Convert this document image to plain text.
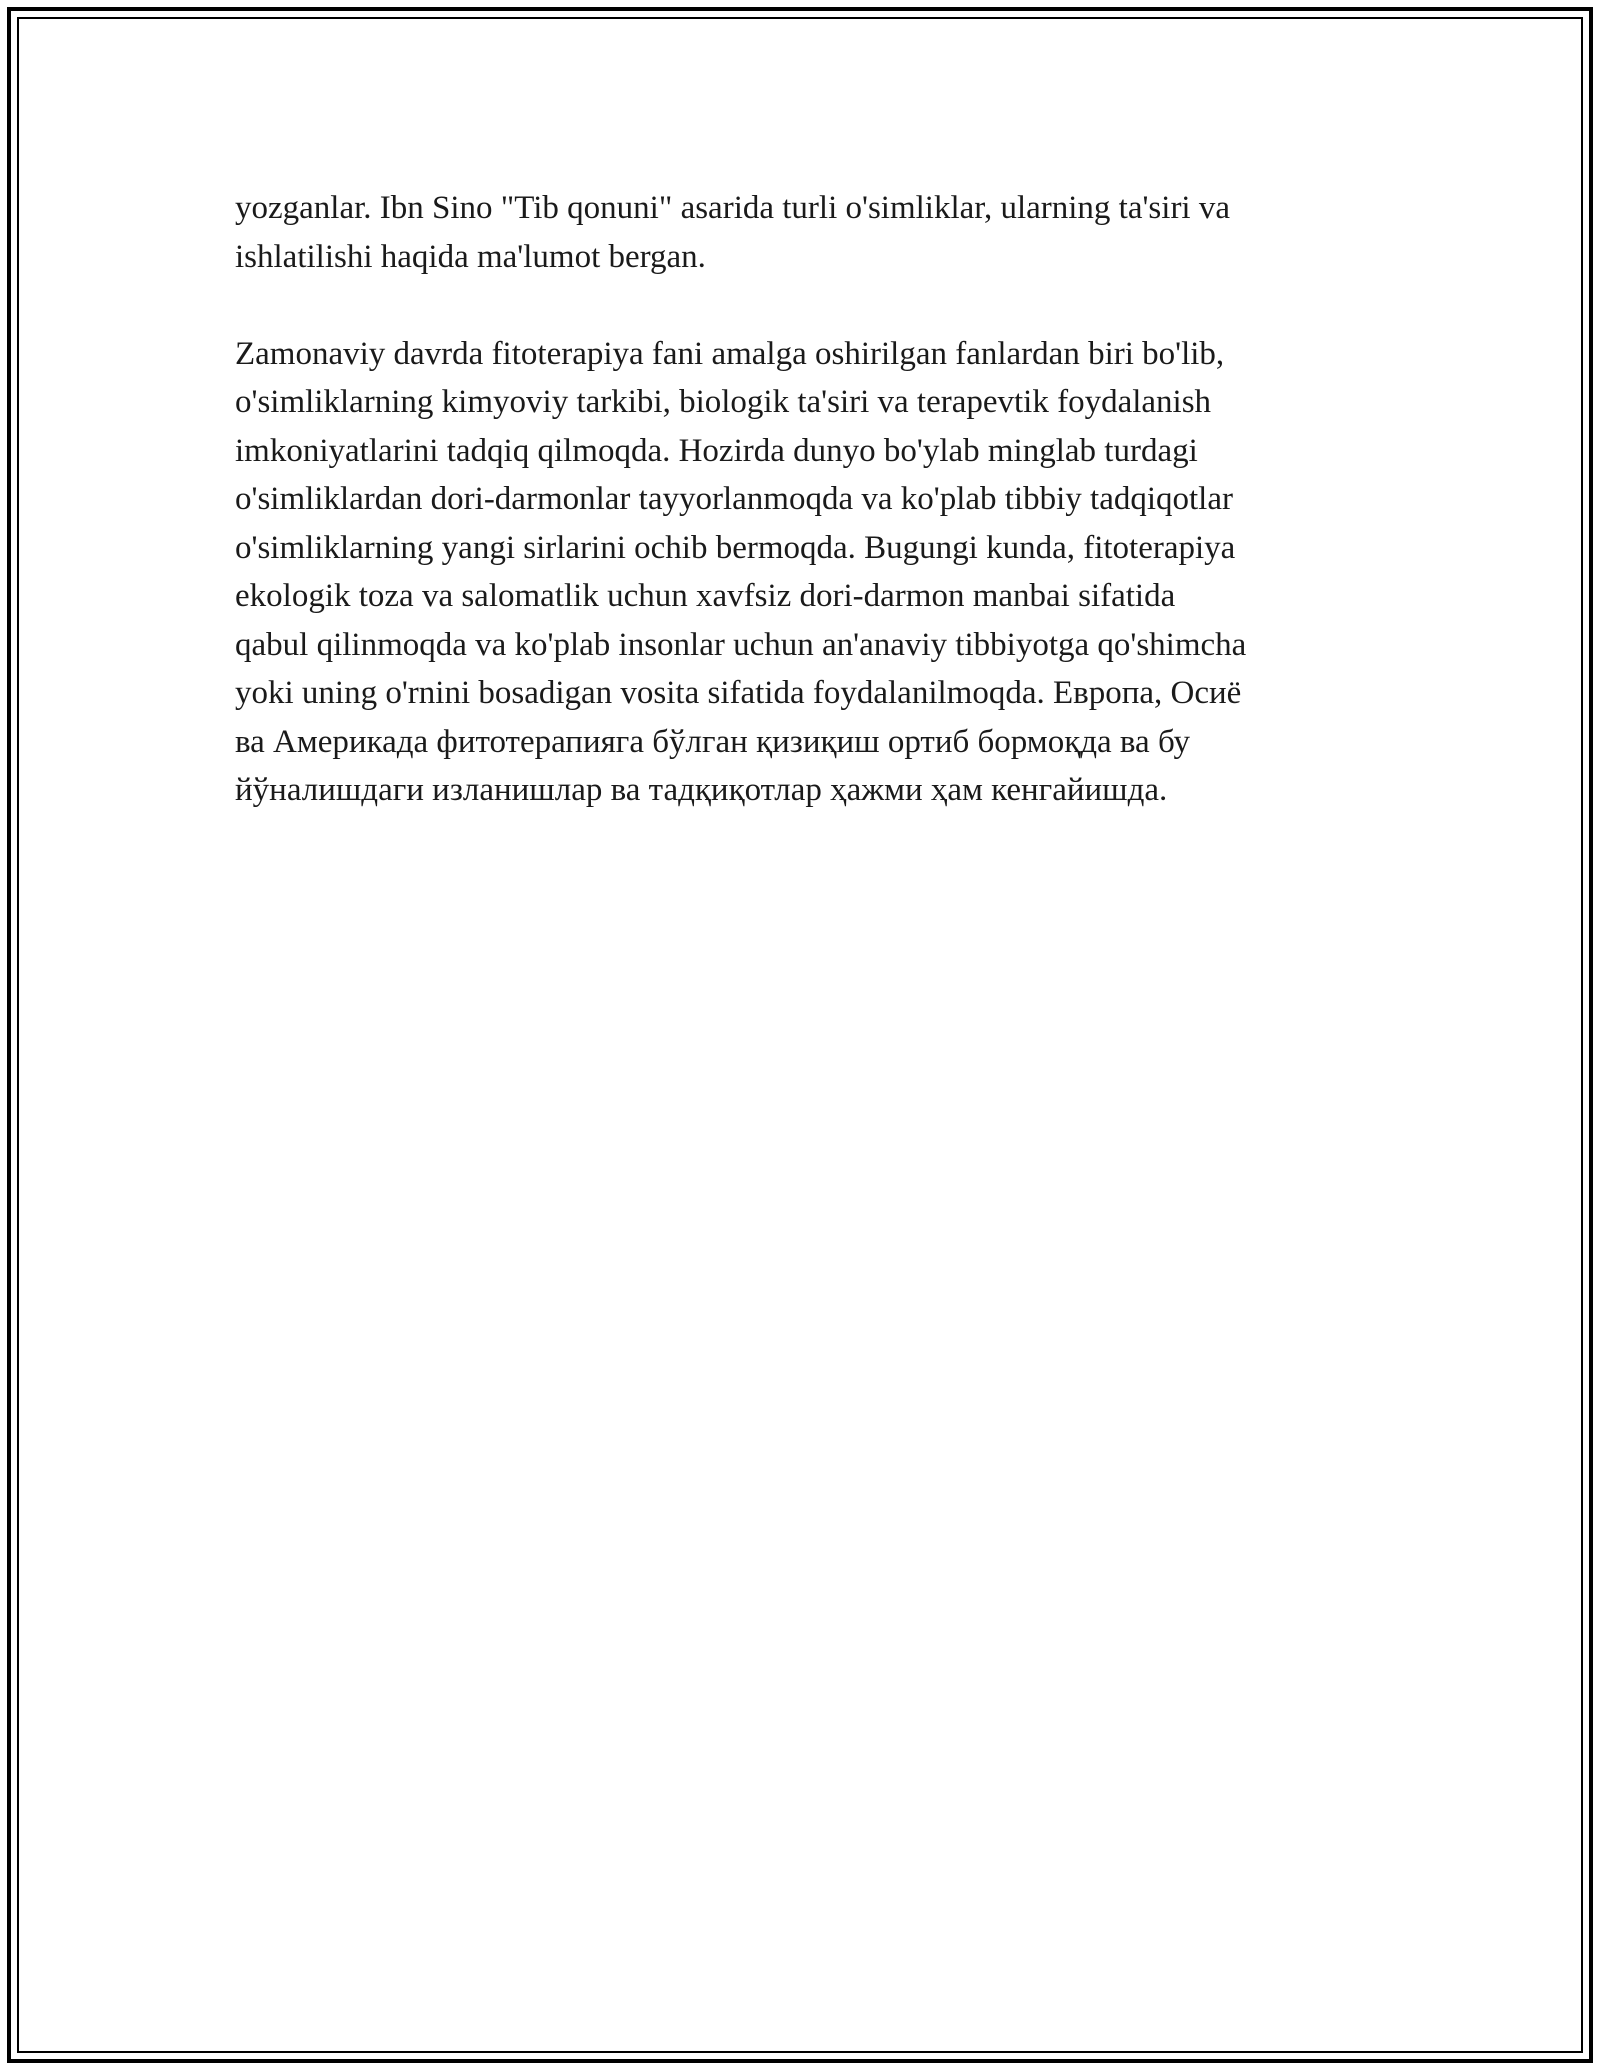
yozganlar. Ibn Sino "Tib qonuni" asarida turli o'simliklar, ularning ta'siri va
ishlatilishi haqida ma'lumot bergan.

Zamonaviy davrda fitoterapiya fani amalga oshirilgan fanlardan biri bo'lib,
o'simliklarning kimyoviy tarkibi, biologik ta'siri va terapevtik foydalanish
imkoniyatlarini tadqiq qilmoqda. Hozirda dunyo bo'ylab minglab turdagi
o'simliklardan dori-darmonlar tayyorlanmoqda va ko'plab tibbiy tadqiqotlar
o'simliklarning yangi sirlarini ochib bermoqda. Bugungi kunda, fitoterapiya
ekologik toza va salomatlik uchun xavfsiz dori-darmon manbai sifatida
qabul qilinmoqda va ko'plab insonlar uchun an'anaviy tibbiyotga qo'shimcha
yoki uning o'rnini bosadigan vosita sifatida foydalanilmoqda. Европа, Осиё
ва Америкада фитотерапияга бўлган қизиқиш ортиб бормоқда ва бу
йўналишдаги изланишлар ва тадқиқотлар ҳажми ҳам кенгайишда.
